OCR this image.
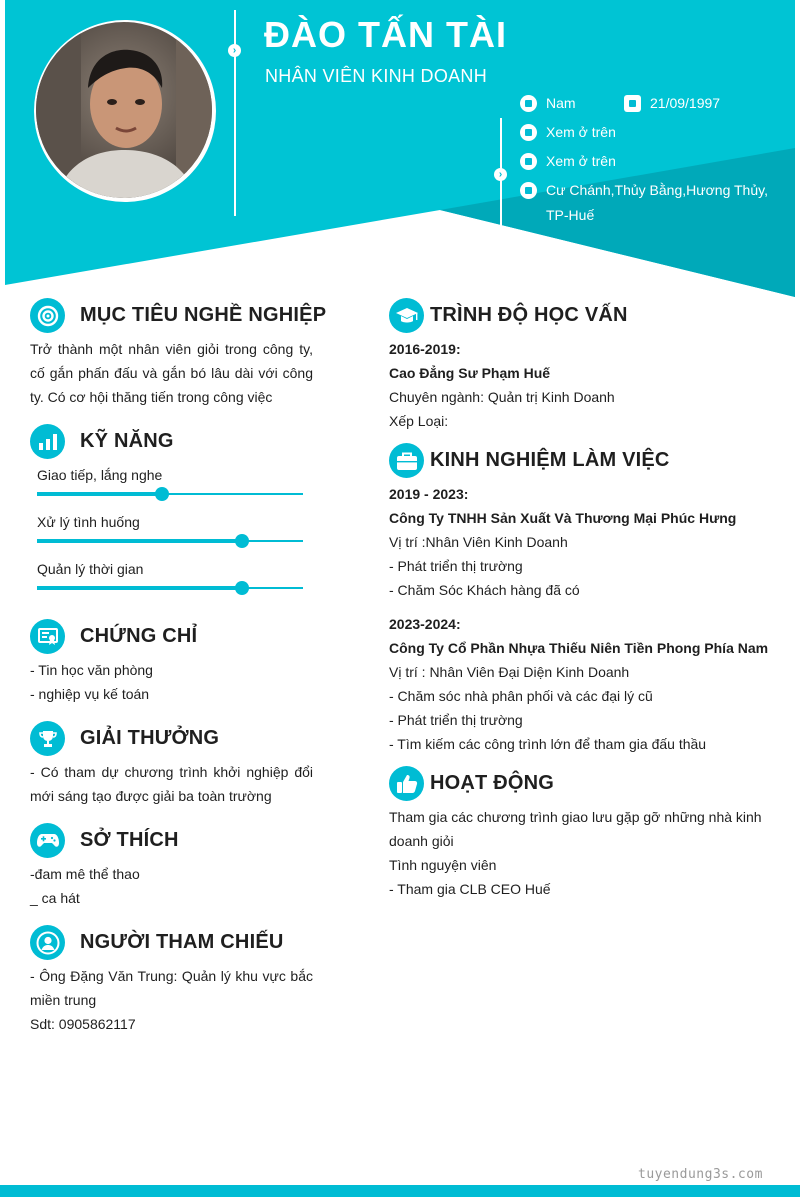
›
›
ĐÀO TẤN TÀI
NHÂN VIÊN KINH DOANH
Nam	21/09/1997
Xem ở trên
Xem ở trên
Cư Chánh,Thủy Bằng,Hương Thủy, TP-Huế
MỤC TIÊU NGHỀ NGHIỆP
Trở thành một nhân viên giỏi trong công ty, cố gắn phấn đấu và gắn bó lâu dài với công ty. Có cơ hội thăng tiến trong công việc
KỸ NĂNG
Giao tiếp, lắng nghe
Xử lý tình huống
Quản lý thời gian
CHỨNG CHỈ
- Tin học văn phòng
- nghiệp vụ kế toán
GIẢI THƯỞNG
- Có tham dự chương trình khởi nghiệp đổi mới sáng tạo được giải ba toàn trường
SỞ THÍCH
-đam mê thể thao
_ ca hát
NGƯỜI THAM CHIẾU
- Ông Đặng Văn Trung: Quản lý khu vực bắc miền trung
Sdt: 0905862117
TRÌNH ĐỘ HỌC VẤN
2016-2019:
Cao Đẳng Sư Phạm Huế
Chuyên ngành: Quản trị Kinh Doanh
Xếp Loại:
KINH NGHIỆM LÀM VIỆC
2019 - 2023:
Công Ty TNHH Sản Xuất Và Thương Mại Phúc Hưng
Vị trí :Nhân Viên Kinh Doanh
- Phát triển thị trường
- Chăm Sóc Khách hàng đã có
2023-2024:
Công Ty Cổ Phần Nhựa Thiếu Niên Tiền Phong Phía Nam
Vị trí : Nhân Viên Đại Diện Kinh Doanh
- Chăm sóc nhà phân phối và các đại lý cũ
- Phát triển thị trường
- Tìm kiếm các công trình lớn để tham gia đấu thầu
HOẠT ĐỘNG
Tham gia các chương trình giao lưu gặp gỡ những nhà kinh doanh giỏi
Tình nguyện viên
- Tham gia CLB CEO Huế
tuyendung3s.com
